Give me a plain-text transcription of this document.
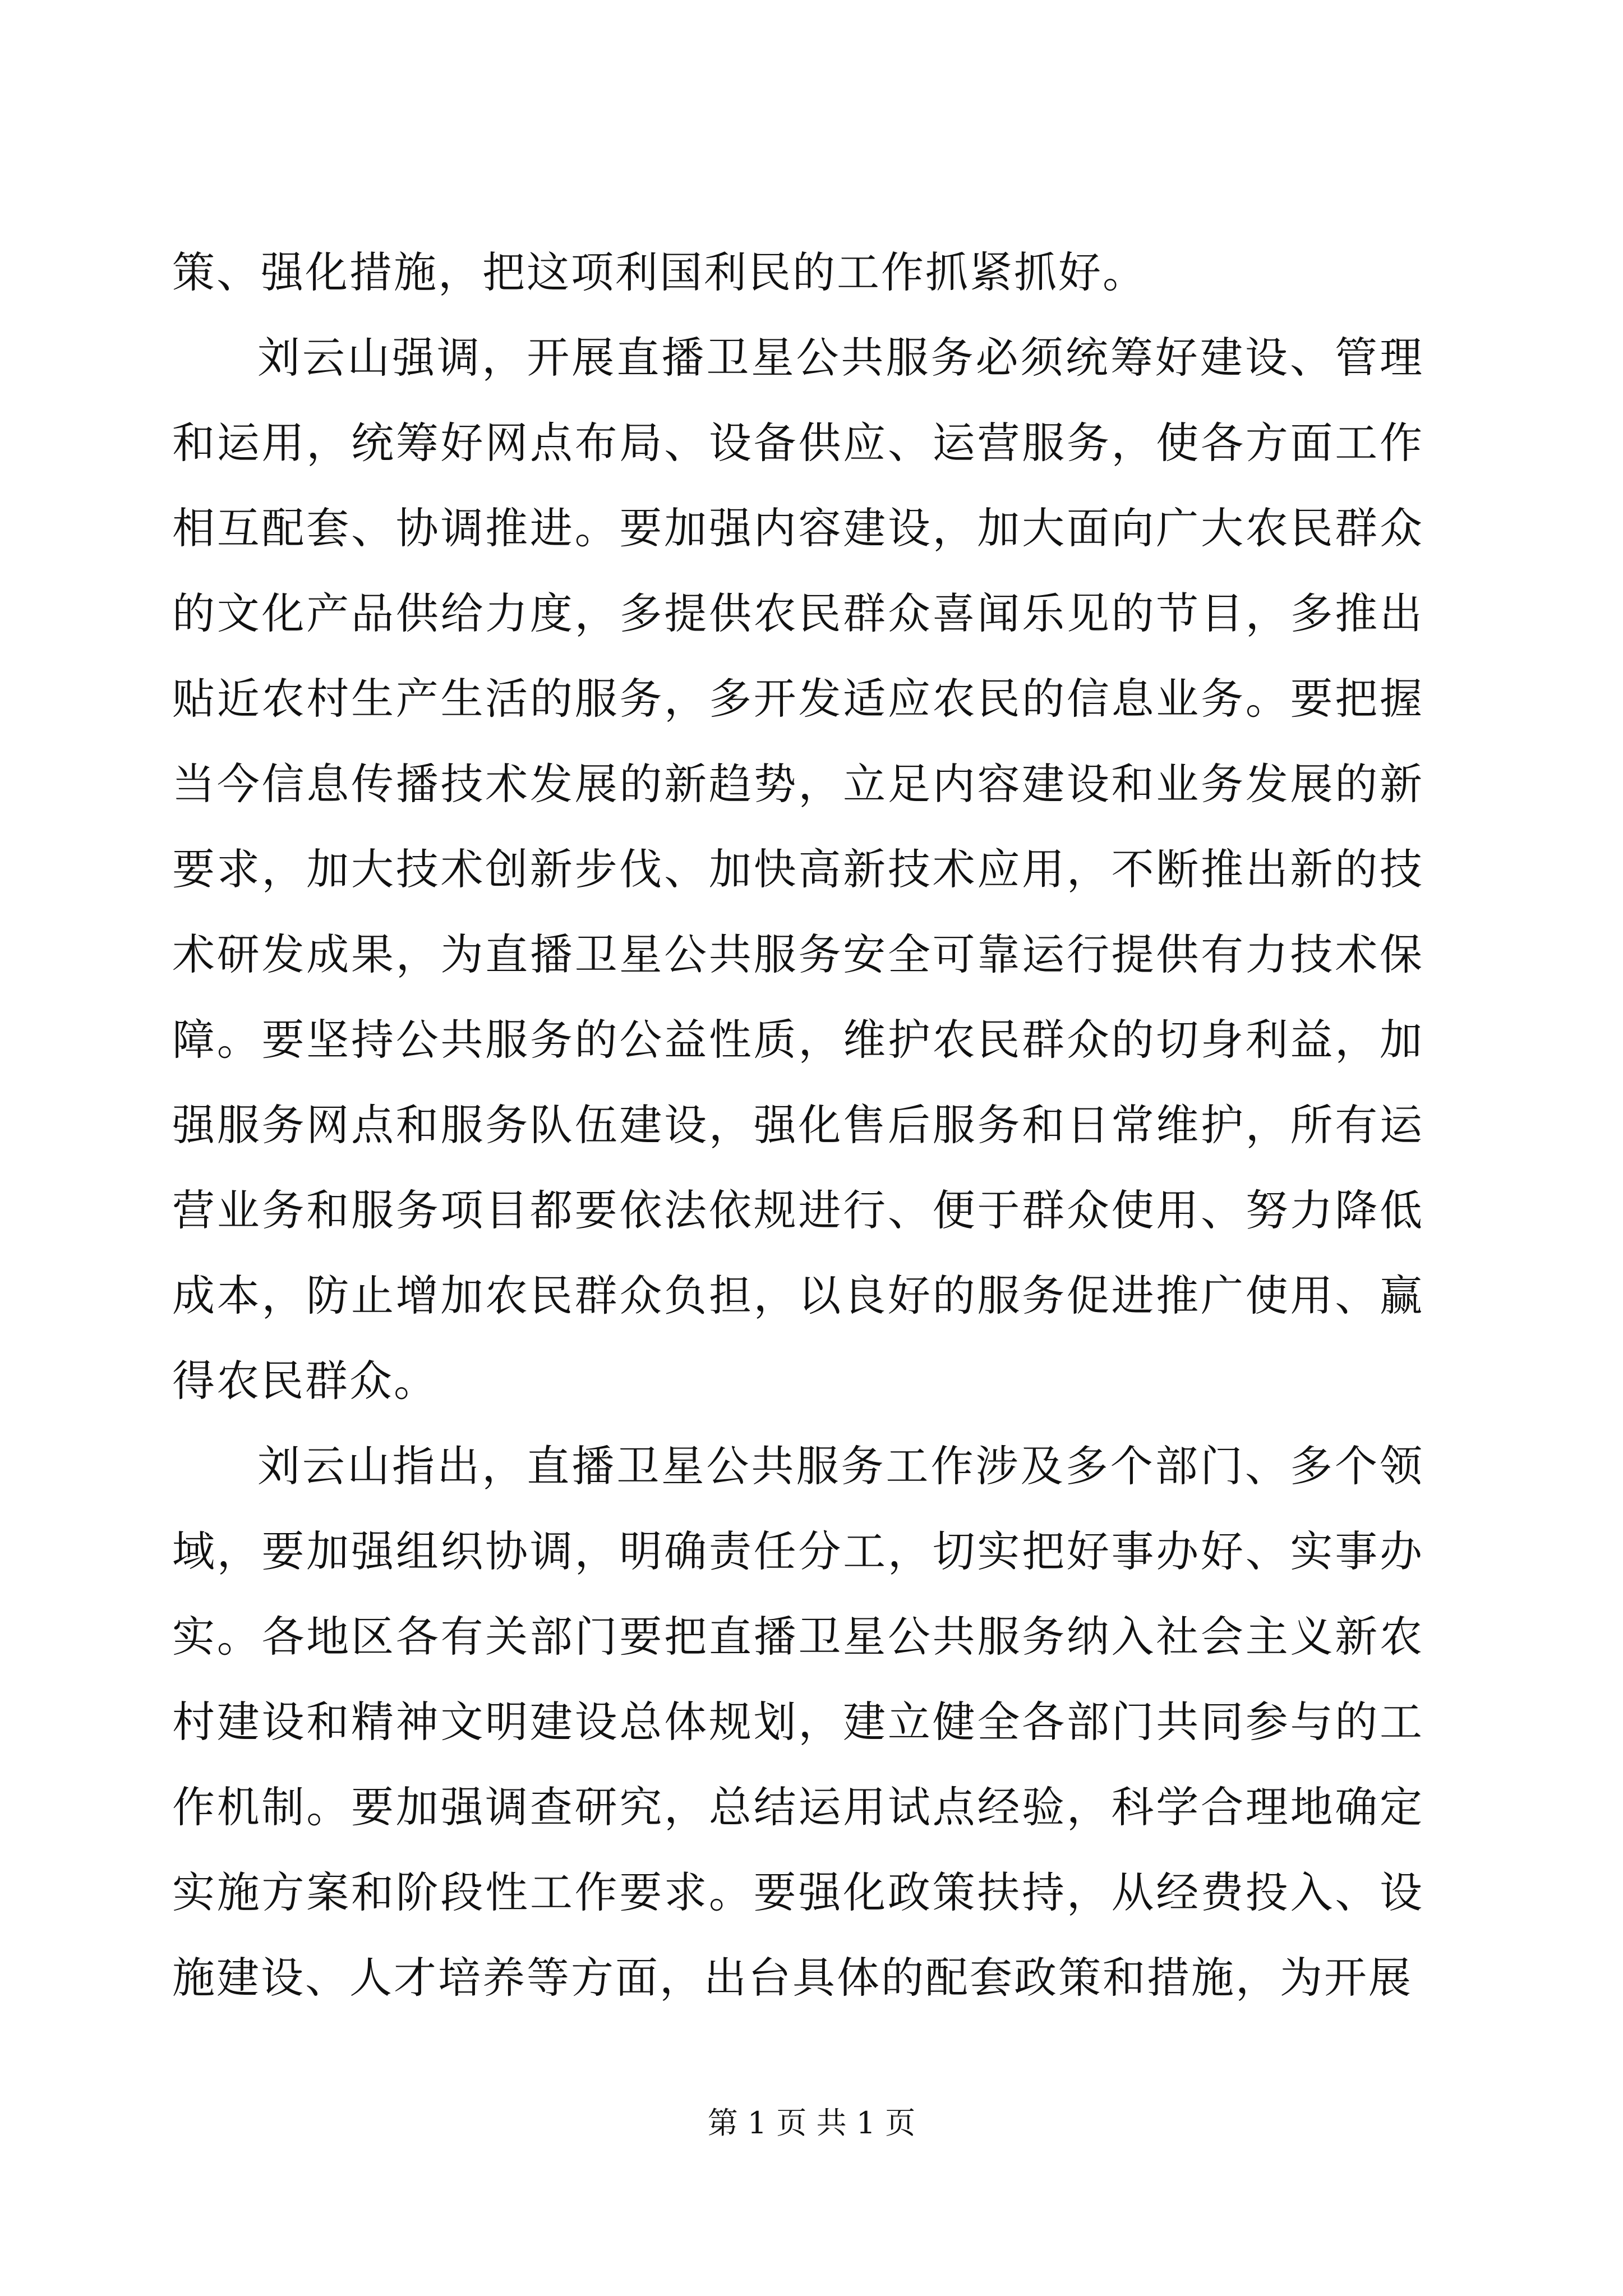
策、强化措施，把这项利国利民的工作抓紧抓好。

刘云山强调，开展直播卫星公共服务必须统筹好建设、管理和运用，统筹好网点布局、设备供应、运营服务，使各方面工作相互配套、协调推进。要加强内容建设，加大面向广大农民群众的文化产品供给力度，多提供农民群众喜闻乐见的节目，多推出贴近农村生产生活的服务，多开发适应农民的信息业务。要把握当今信息传播技术发展的新趋势，立足内容建设和业务发展的新要求，加大技术创新步伐、加快高新技术应用，不断推出新的技术研发成果，为直播卫星公共服务安全可靠运行提供有力技术保障。要坚持公共服务的公益性质，维护农民群众的切身利益，加强服务网点和服务队伍建设，强化售后服务和日常维护，所有运营业务和服务项目都要依法依规进行、便于群众使用、努力降低成本，防止增加农民群众负担，以良好的服务促进推广使用、赢得农民群众。

刘云山指出，直播卫星公共服务工作涉及多个部门、多个领域，要加强组织协调，明确责任分工，切实把好事办好、实事办实。各地区各有关部门要把直播卫星公共服务纳入社会主义新农村建设和精神文明建设总体规划，建立健全各部门共同参与的工作机制。要加强调查研究，总结运用试点经验，科学合理地确定实施方案和阶段性工作要求。要强化政策扶持，从经费投入、设施建设、人才培养等方面，出台具体的配套政策和措施，为开展

第 1 页 共 1 页
